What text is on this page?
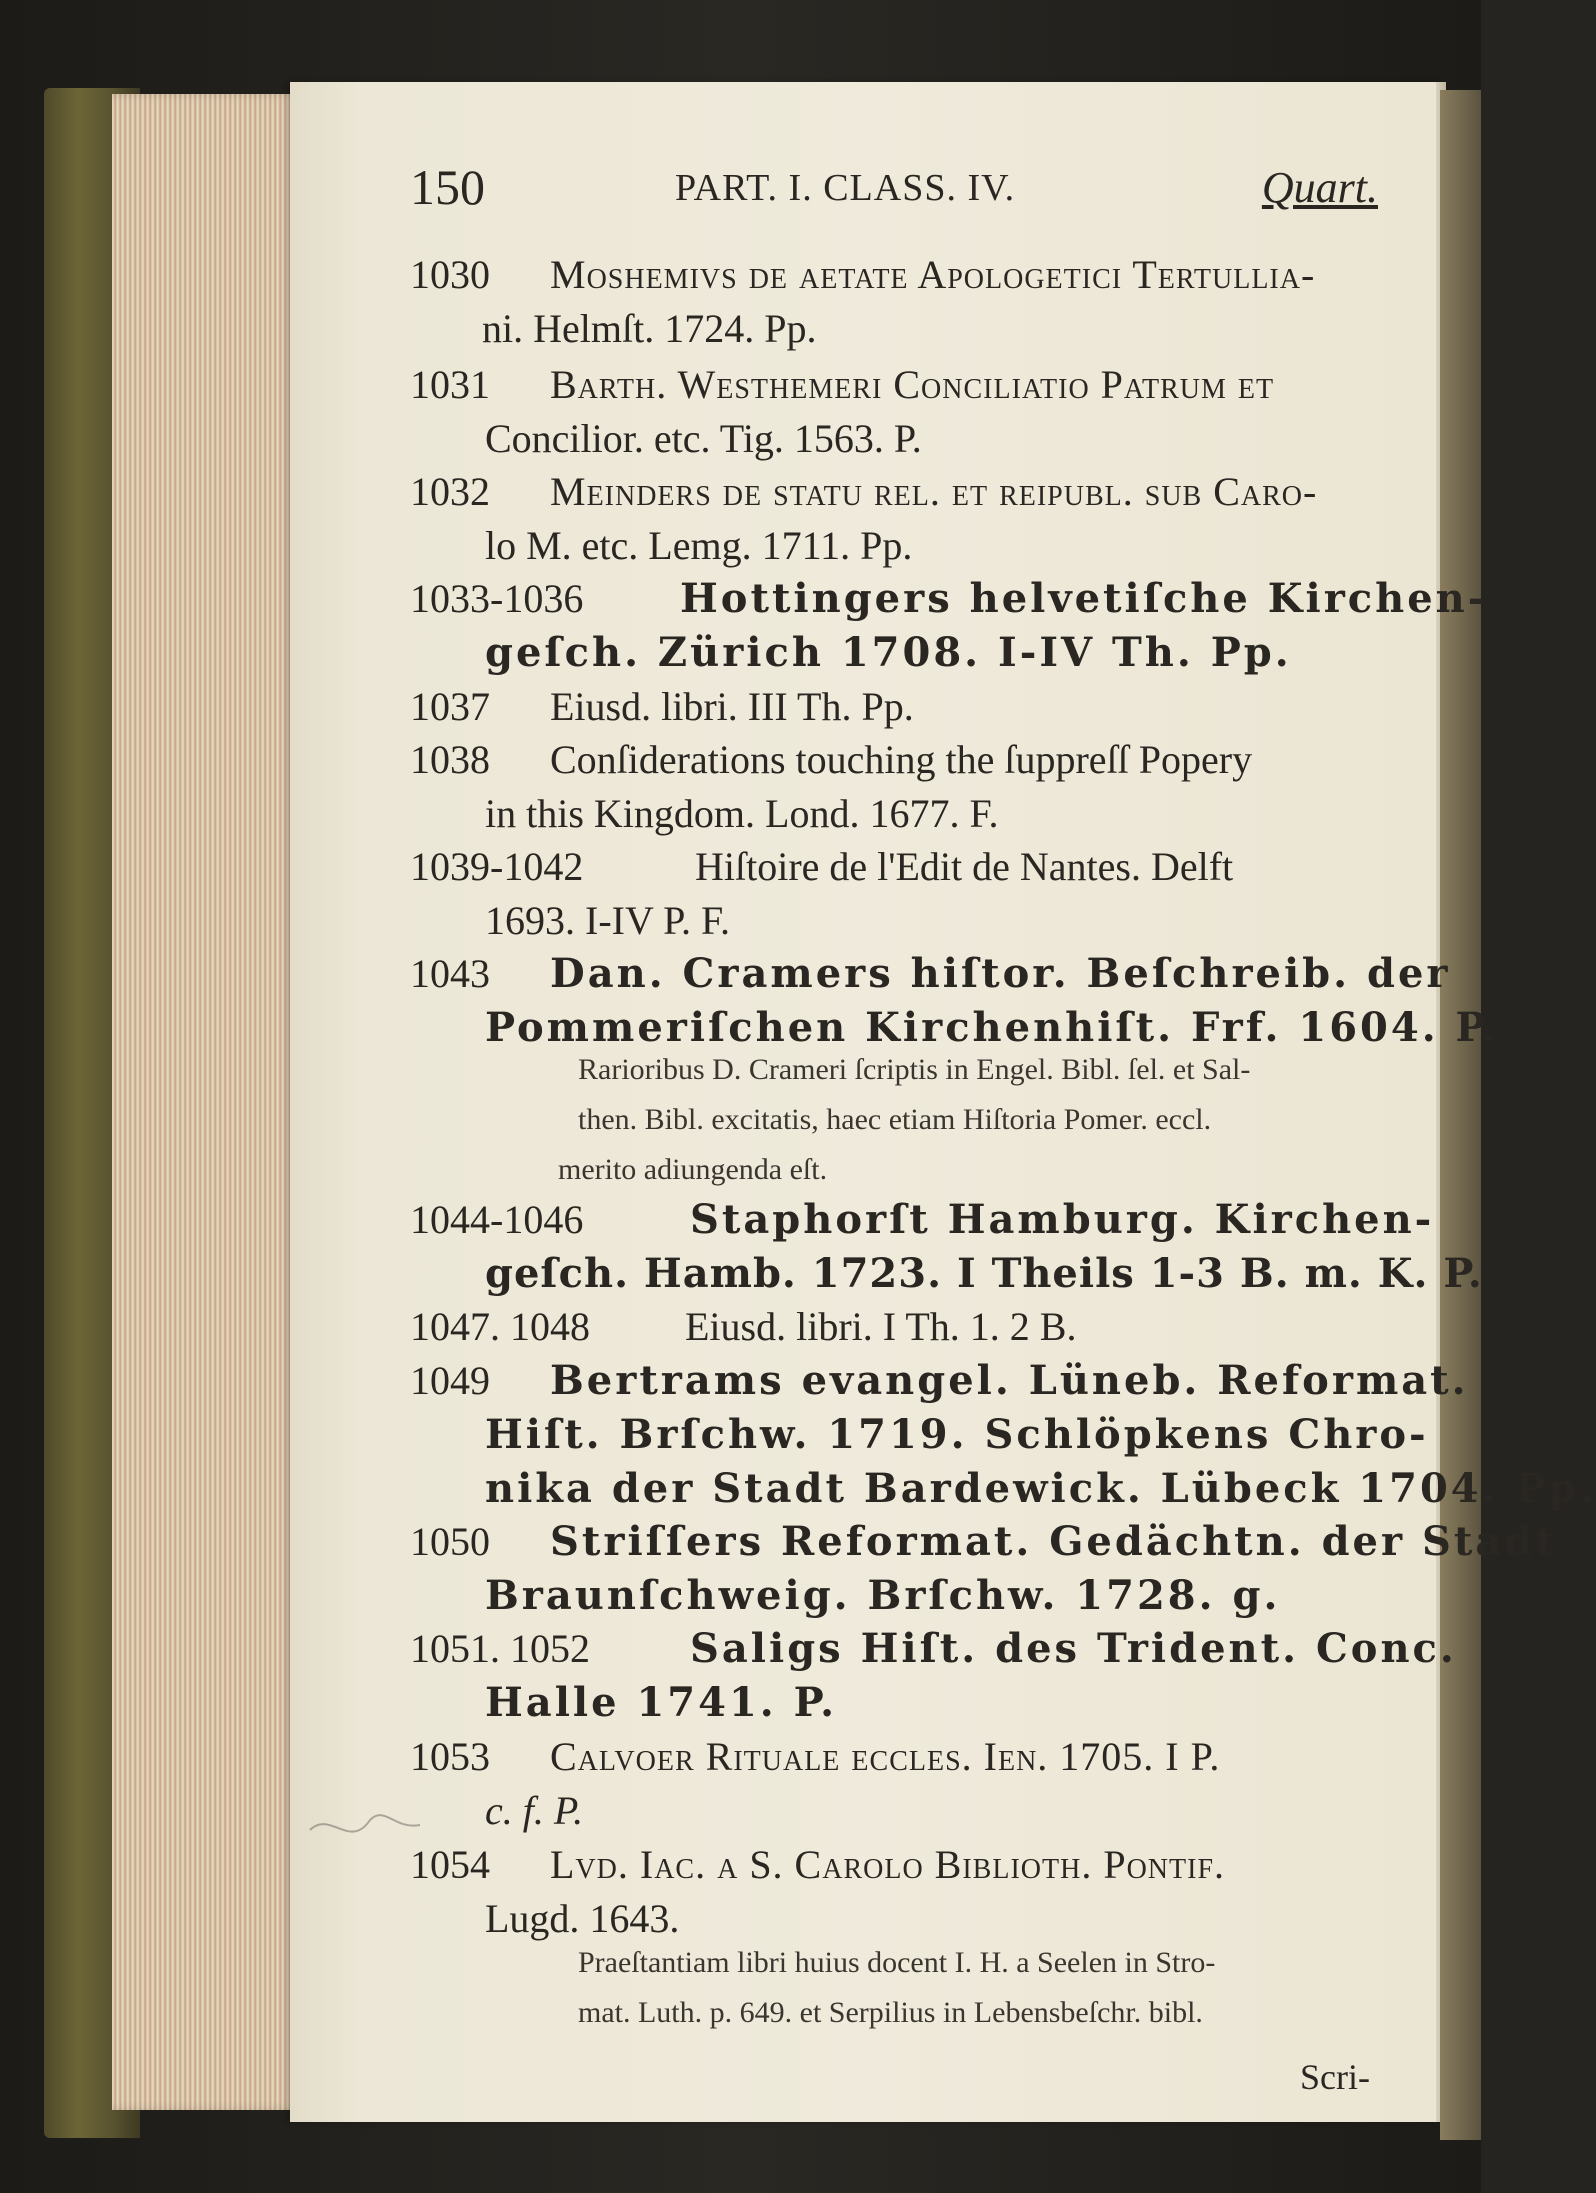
150	PART. I. CLASS. IV.	Quart.
1030 Moshemivs de aetate Apologetici Tertullia-
ni. Helmſt. 1724. Pp.
1031 Barth. Westhemeri Conciliatio Patrum et
Concilior. etc. Tig. 1563. P.
1032 Meinders de ſtatu rel. et reipubl. ſub Caro-
lo M. etc. Lemg. 1711. Pp.
1033-1036 Hottingers helvetiſche Kirchen-
geſch. Zürich 1708. I-IV Th. Pp.
1037 Eiusd. libri. III Th. Pp.
1038 Conſiderations touching the ſuppreſſ Popery
in this Kingdom. Lond. 1677. F.
1039-1042	Hiſtoire de l'Edit de Nantes. Delft
1693. I-IV P. F.
1043 Dan. Cramers hiſtor. Beſchreib. der
Pommeriſchen Kirchenhiſt. Frf. 1604. P.
Rarioribus D. Crameri ſcriptis in Engel. Bibl. ſel. et Sal-
then. Bibl. excitatis, haec etiam Hiſtoria Pomer. eccl.
merito adiungenda eſt.
1044-1046	Staphorſt Hamburg. Kirchen-
geſch. Hamb. 1723. I Theils 1-3 B. m. K. P.
1047. 1048 Eiusd. libri. I Th. 1. 2 B.
1049 Bertrams evangel. Lüneb. Reformat.
Hiſt. Brſchw. 1719. Schlöpkens Chro-
nika der Stadt Bardewick. Lübeck 1704. Pp.
1050 Striſſers Reformat. Gedächtn. der Stadt
Braunſchweig. Brſchw. 1728. g.
1051. 1052	Saligs Hiſt. des Trident. Conc.
Halle 1741. P.
1053 Calvoer Rituale eccleſ. Ien. 1705. I P.
c. f. P.
1054 Lvd. Iac. a S. Carolo Biblioth. Pontif.
Lugd. 1643.
Praeſtantiam libri huius docent I. H. a Seelen in Stro-
mat. Luth. p. 649. et Serpilius in Lebensbeſchr. bibl.
Scri-
